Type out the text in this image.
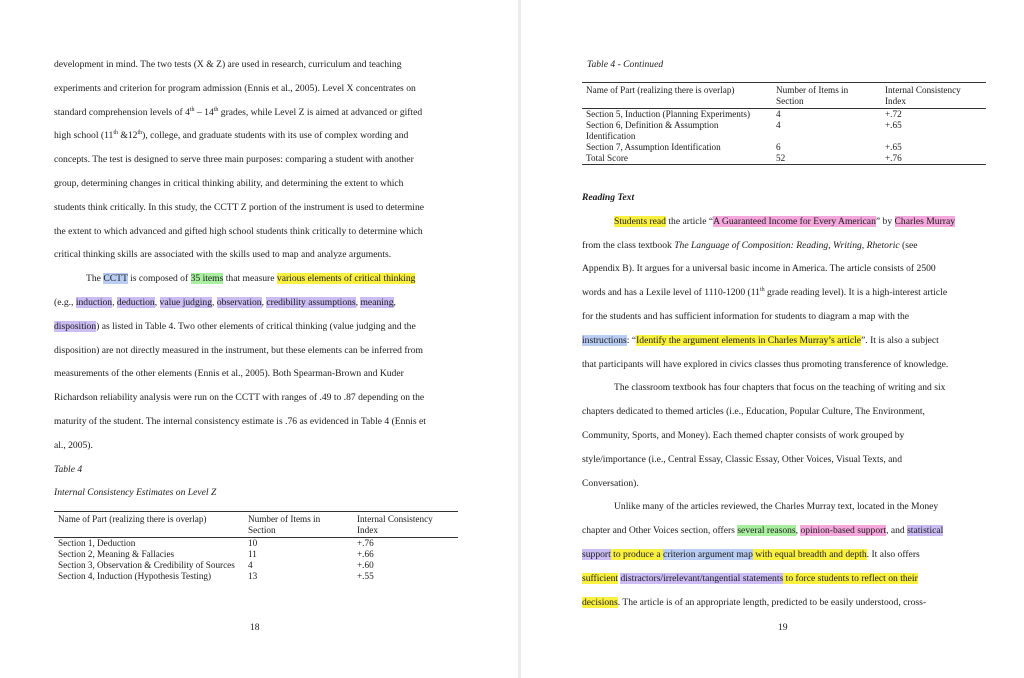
development in mind. The two tests (X & Z) are used in research, curriculum and teaching
experiments and criterion for program admission (Ennis et al., 2005). Level X concentrates on
standard comprehension levels of 4th – 14th grades, while Level Z is aimed at advanced or gifted
high school (11th &12th), college, and graduate students with its use of complex wording and
concepts. The test is designed to serve three main purposes: comparing a student with another
group, determining changes in critical thinking ability, and determining the extent to which
students think critically. In this study, the CCTT Z portion of the instrument is used to determine
the extent to which advanced and gifted high school students think critically to determine which
critical thinking skills are associated with the skills used to map and analyze arguments.
The CCTT is composed of 35 items that measure various elements of critical thinking
(e.g., induction, deduction, value judging, observation, credibility assumptions, meaning,
disposition) as listed in Table 4. Two other elements of critical thinking (value judging and the
disposition) are not directly measured in the instrument, but these elements can be inferred from
measurements of the other elements (Ennis et al., 2005). Both Spearman-Brown and Kuder
Richardson reliability analysis were run on the CCTT with ranges of .49 to .87 depending on the
maturity of the student. The internal consistency estimate is .76 as evidenced in Table 4 (Ennis et
al., 2005).
Table 4
Internal Consistency Estimates on Level Z
Name of Part (realizing there is overlap)	Number of Items in Section	Internal Consistency Index
Section 1, Deduction	10	+.76
Section 2, Meaning & Fallacies	11	+.66
Section 3, Observation & Credibility of Sources	4	+.60
Section 4, Induction (Hypothesis Testing)	13	+.55
18
Table 4 - Continued
Name of Part (realizing there is overlap)	Number of Items in Section	Internal Consistency Index
Section 5, Induction (Planning Experiments)	4	+.72
Section 6, Definition & Assumption Identification	4	+.65
Section 7, Assumption Identification	6	+.65
Total Score	52	+.76
Reading Text
Students read the article “A Guaranteed Income for Every American” by Charles Murray
from the class textbook The Language of Composition: Reading, Writing, Rhetoric (see
Appendix B). It argues for a universal basic income in America. The article consists of 2500
words and has a Lexile level of 1110-1200 (11th grade reading level). It is a high-interest article
for the students and has sufficient information for students to diagram a map with the
instructions: “Identify the argument elements in Charles Murray’s article”. It is also a subject
that participants will have explored in civics classes thus promoting transference of knowledge.
The classroom textbook has four chapters that focus on the teaching of writing and six
chapters dedicated to themed articles (i.e., Education, Popular Culture, The Environment,
Community, Sports, and Money). Each themed chapter consists of work grouped by
style/importance (i.e., Central Essay, Classic Essay, Other Voices, Visual Texts, and
Conversation).
Unlike many of the articles reviewed, the Charles Murray text, located in the Money
chapter and Other Voices section, offers several reasons, opinion-based support, and statistical
support to produce a criterion argument map with equal breadth and depth. It also offers
sufficient distractors/irrelevant/tangential statements to force students to reflect on their
decisions. The article is of an appropriate length, predicted to be easily understood, cross-
19
